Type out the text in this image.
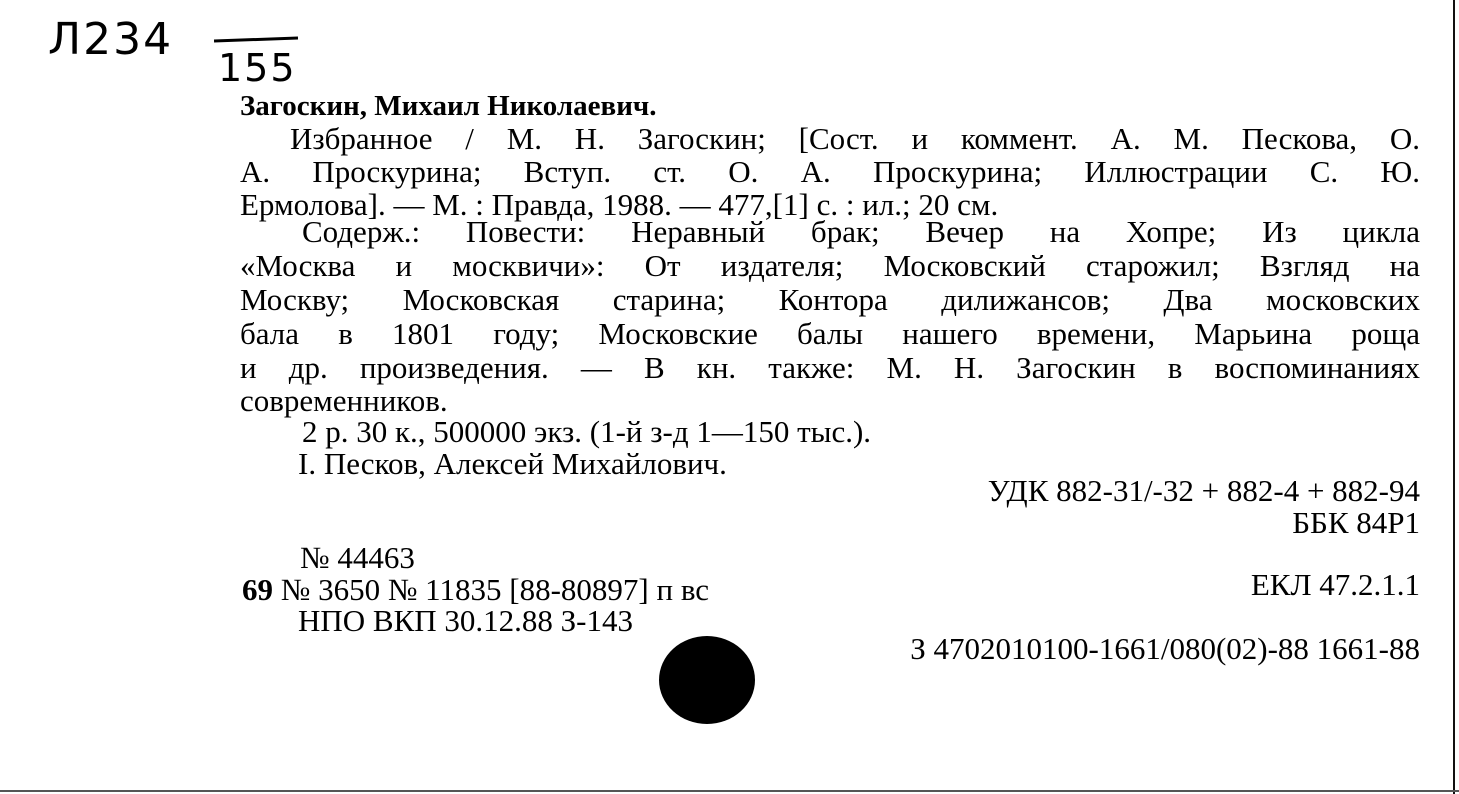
Л234
155
Загоскин, Михаил Николаевич.
Избранное / М. Н. Загоскин; [Сост. и коммент. А. М. Пескова, О.
А. Проскурина; Вступ. ст. О. А. Проскурина; Иллюстрации С. Ю.
Ермолова]. — М. : Правда, 1988. — 477,[1] с. : ил.; 20 см.
Содерж.: Повести: Неравный брак; Вечер на Хопре; Из цикла
«Москва и москвичи»: От издателя; Московский старожил; Взгляд на
Москву; Московская старина; Контора дилижансов; Два московских
бала в 1801 году; Московские балы нашего времени, Марьина роща
и др. произведения. — В кн. также: М. Н. Загоскин в воспоминаниях
современников.
2 р. 30 к., 500000 экз. (1-й з-д 1—150 тыс.).
I. Песков, Алексей Михайлович.
УДК 882-31/-32 + 882-4 + 882-94
ББК 84Р1
№ 44463
69 № 3650 № 11835 [88-80897] п вс	ЕКЛ 47.2.1.1
НПО ВКП 30.12.88 З-143
З 4702010100-1661/080(02)-88 1661-88
